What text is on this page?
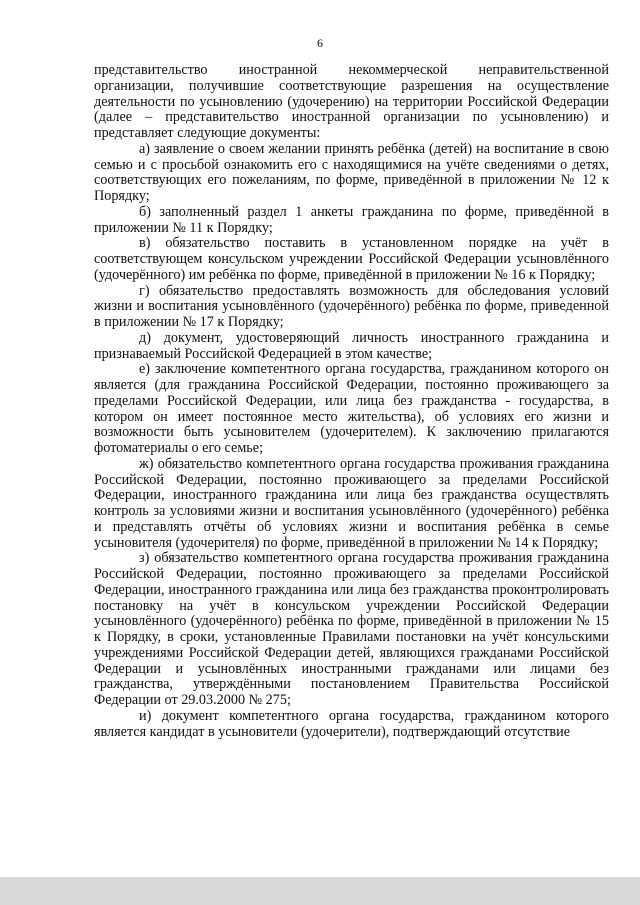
6

представительство иностранной некоммерческой неправительственной организации, получившие соответствующие разрешения на осуществление деятельности по усыновлению (удочерению) на территории Российской Федерации (далее – представительство иностранной организации по усыновлению) и представляет следующие документы:

а) заявление о своем желании принять ребёнка (детей) на воспитание в свою семью и с просьбой ознакомить его с находящимися на учёте сведениями о детях, соответствующих его пожеланиям, по форме, приведённой в приложении № 12 к Порядку;

б) заполненный раздел 1 анкеты гражданина по форме, приведённой в приложении № 11 к Порядку;

в) обязательство поставить в установленном порядке на учёт в соответствующем консульском учреждении Российской Федерации усыновлённого (удочерённого) им ребёнка по форме, приведённой в приложении № 16 к Порядку;

г) обязательство предоставлять возможность для обследования условий жизни и воспитания усыновлённого (удочерённого) ребёнка по форме, приведенной в приложении № 17 к Порядку;

д) документ, удостоверяющий личность иностранного гражданина и признаваемый Российской Федерацией в этом качестве;

е) заключение компетентного органа государства, гражданином которого он является (для гражданина Российской Федерации, постоянно проживающего за пределами Российской Федерации, или лица без гражданства - государства, в котором он имеет постоянное место жительства), об условиях его жизни и возможности быть усыновителем (удочерителем). К заключению прилагаются фотоматериалы о его семье;

ж) обязательство компетентного органа государства проживания гражданина Российской Федерации, постоянно проживающего за пределами Российской Федерации, иностранного гражданина или лица без гражданства осуществлять контроль за условиями жизни и воспитания усыновлённого (удочерённого) ребёнка и представлять отчёты об условиях жизни и воспитания ребёнка в семье усыновителя (удочерителя) по форме, приведённой в приложении № 14 к Порядку;

з) обязательство компетентного органа государства проживания гражданина Российской Федерации, постоянно проживающего за пределами Российской Федерации, иностранного гражданина или лица без гражданства проконтролировать постановку на учёт в консульском учреждении Российской Федерации усыновлённого (удочерённого) ребёнка по форме, приведённой в приложении № 15 к Порядку, в сроки, установленные Правилами постановки на учёт консульскими учреждениями Российской Федерации детей, являющихся гражданами Российской Федерации и усыновлённых иностранными гражданами или лицами без гражданства, утверждёнными постановлением Правительства Российской Федерации от 29.03.2000 № 275;

и) документ компетентного органа государства, гражданином которого является кандидат в усыновители (удочерители), подтверждающий отсутствие
